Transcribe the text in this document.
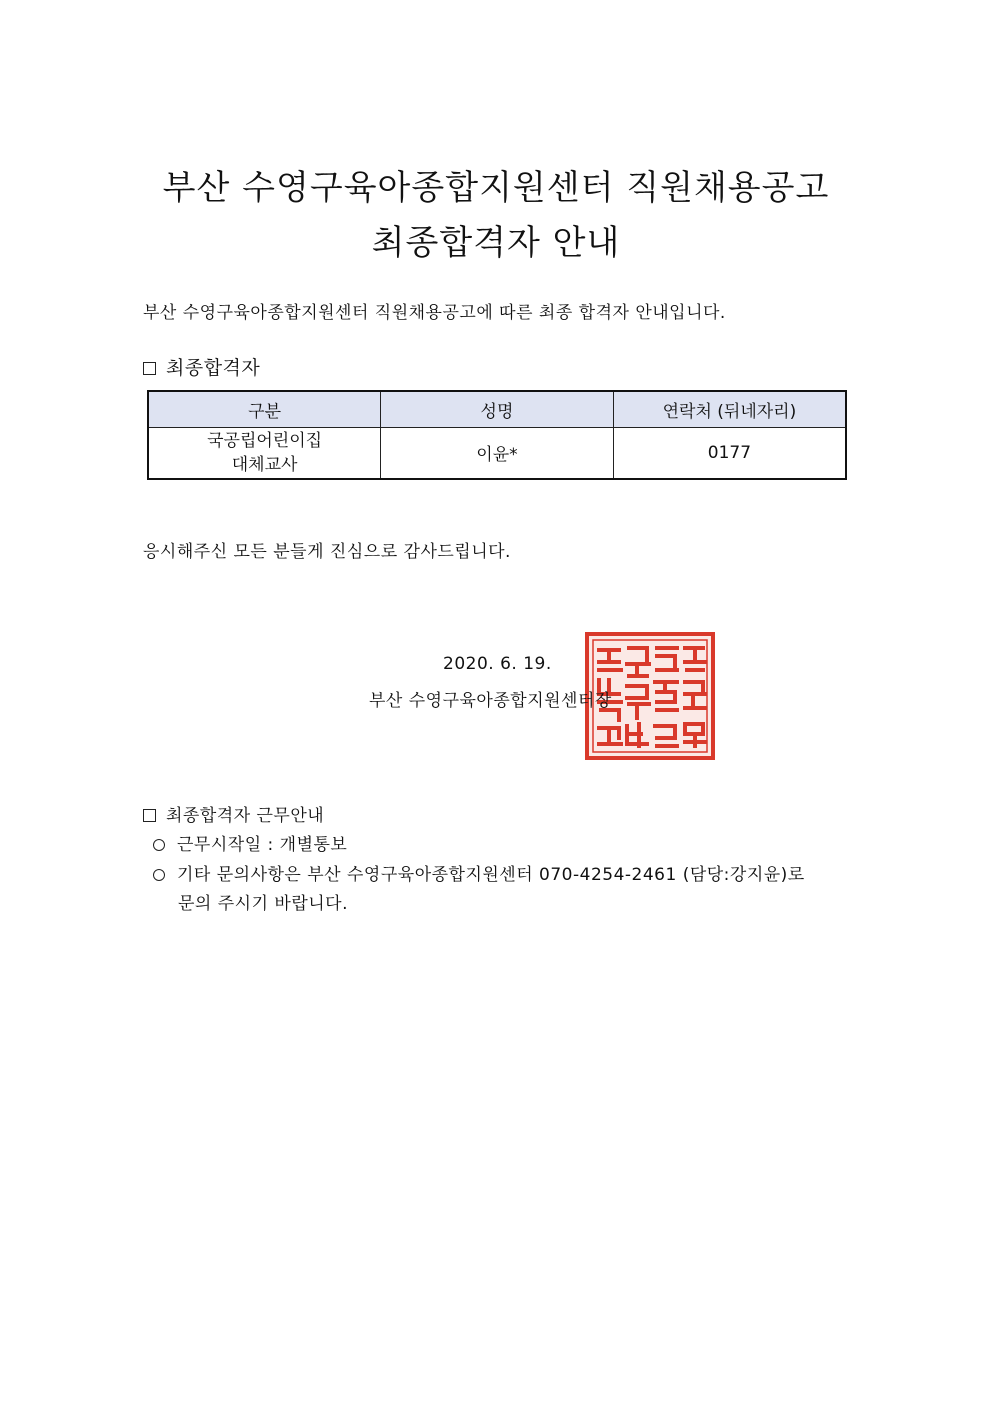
부산 수영구육아종합지원센터 직원채용공고
최종합격자 안내
부산 수영구육아종합지원센터 직원채용공고에 따른 최종 합격자 안내입니다.
최종합격자
구분	성명	연락처 (뒤네자리)

국공립어린이집
대체교사	이윤*	0177
응시해주신 모든 분들게 진심으로 감사드립니다.
2020. 6. 19.
부산 수영구육아종합지원센터장
최종합격자 근무안내
근무시작일 : 개별통보
기타 문의사항은 부산 수영구육아종합지원센터 070-4254-2461 (담당:강지윤)로
문의 주시기 바랍니다.
